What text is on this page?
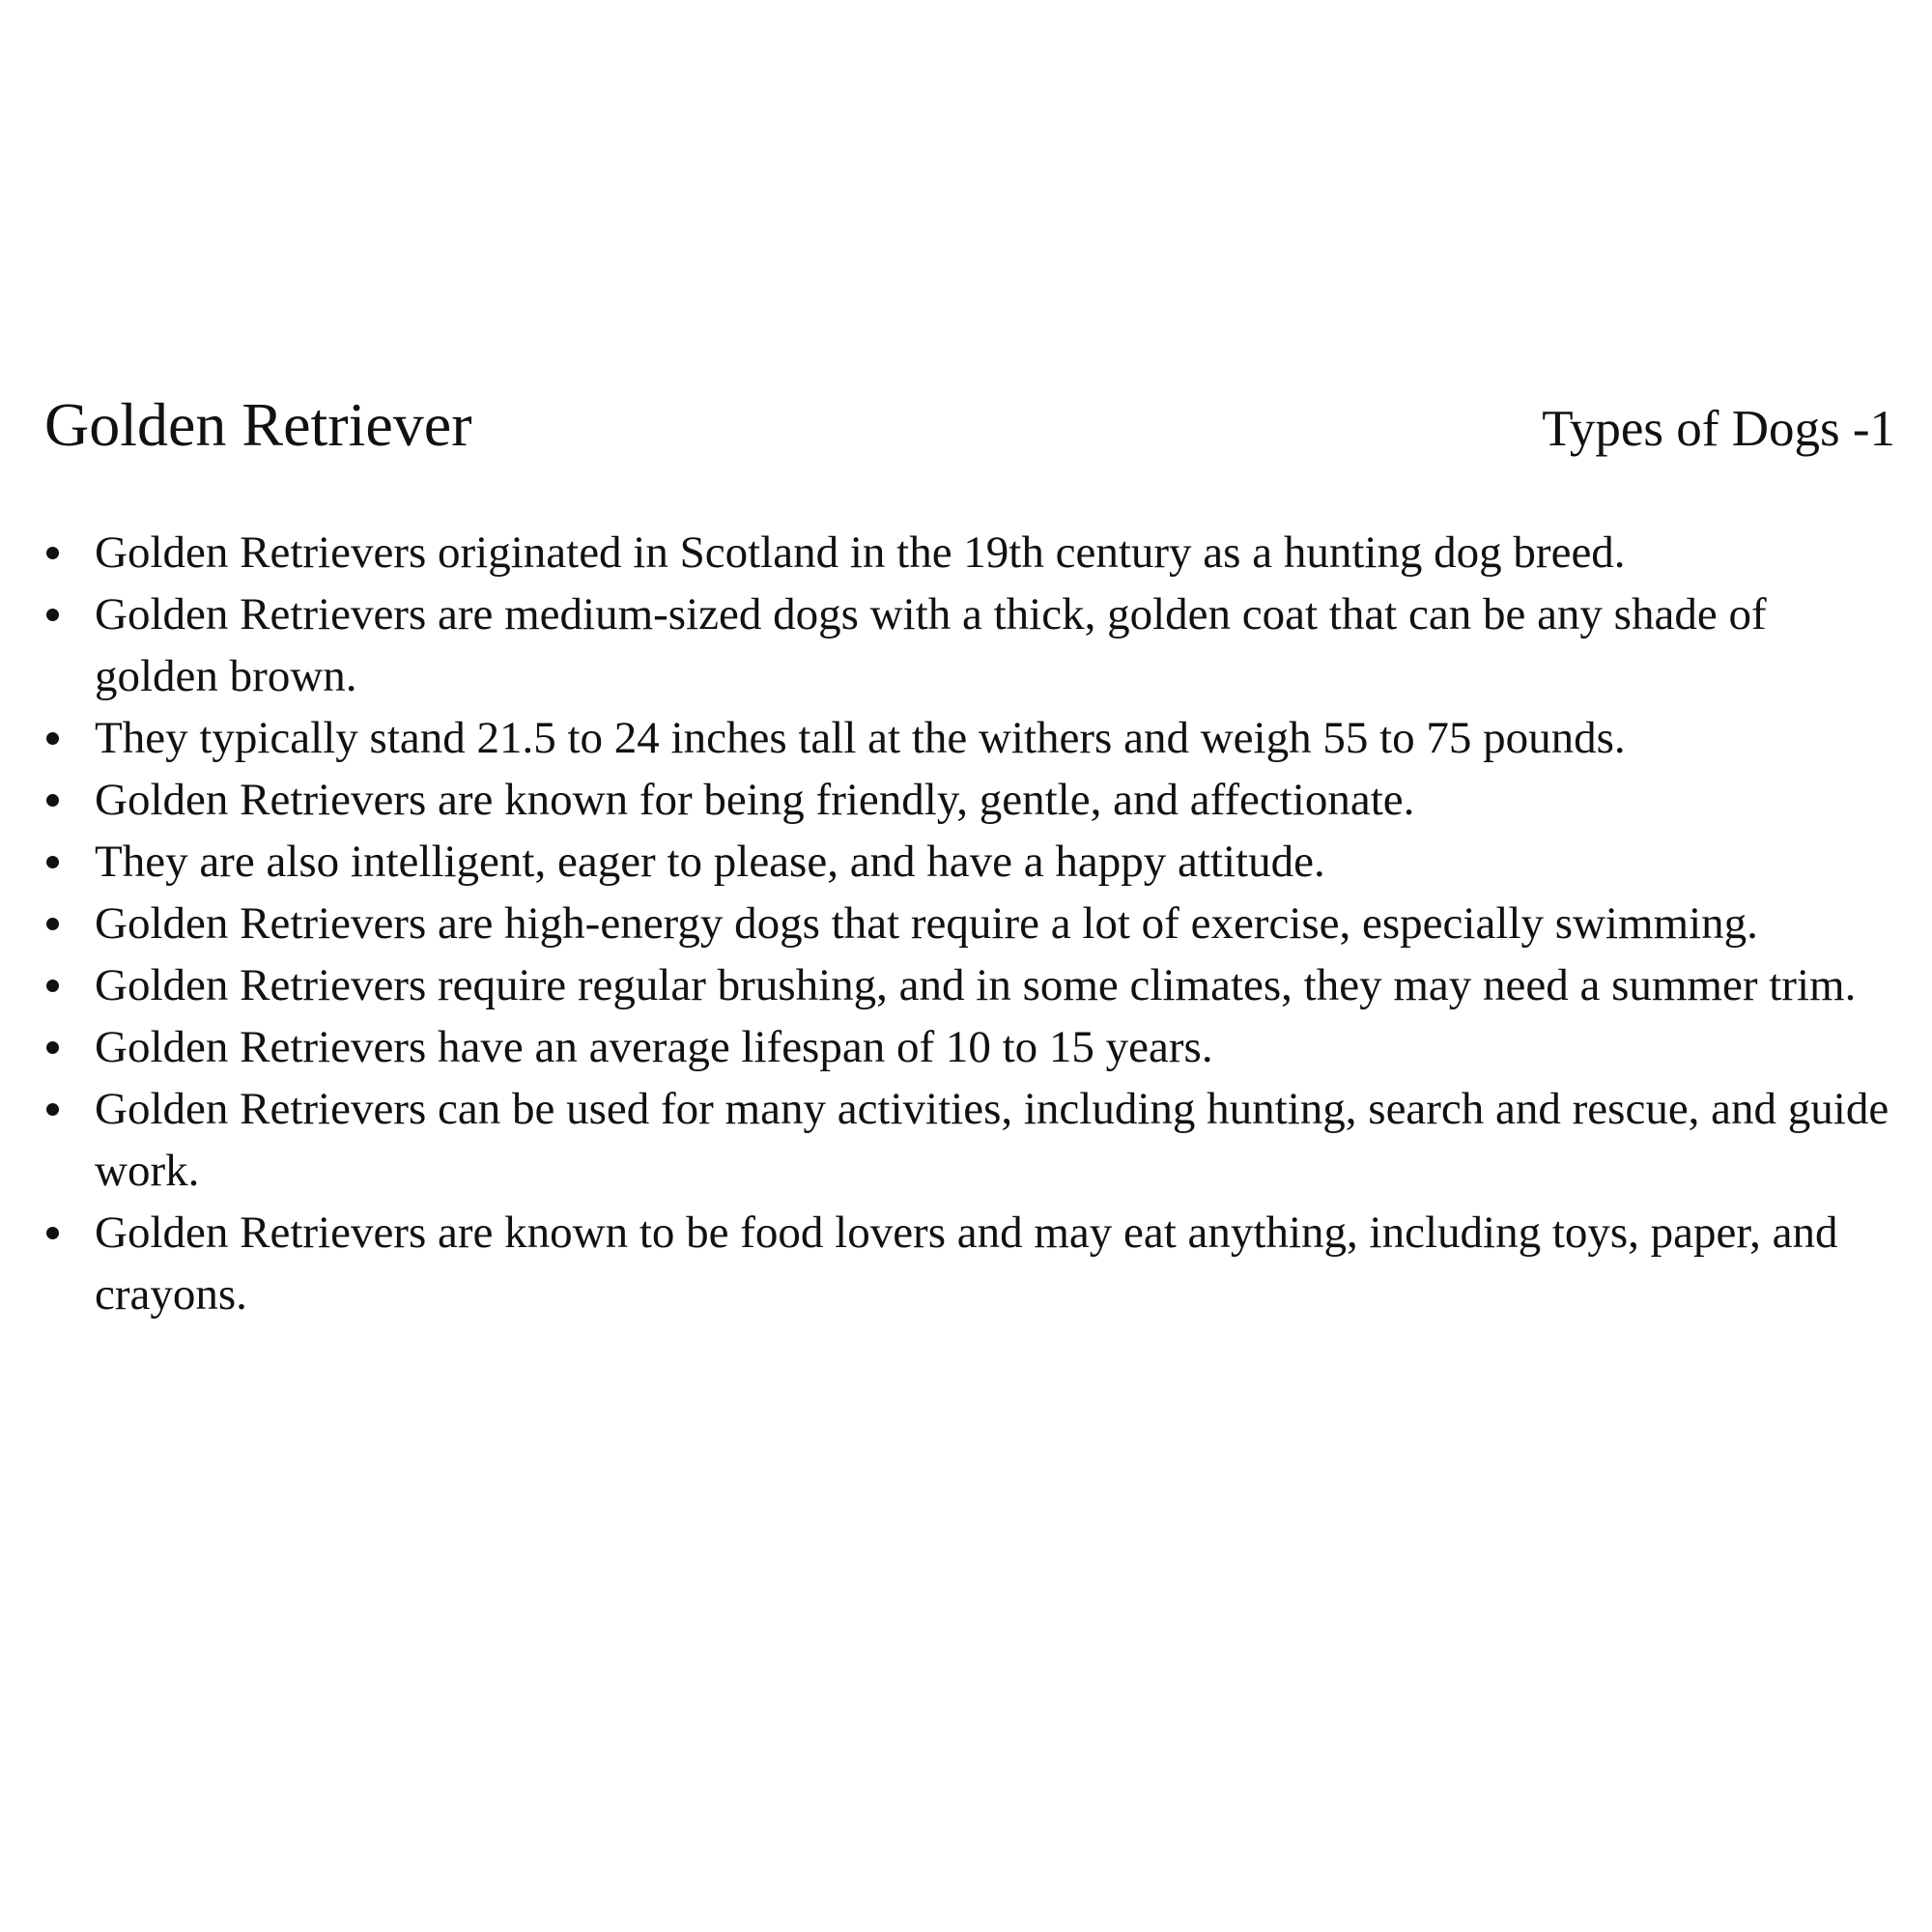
Golden Retriever	Types of Dogs -1
Golden Retrievers originated in Scotland in the 19th century as a hunting dog breed.
Golden Retrievers are medium-sized dogs with a thick, golden coat that can be any shade of golden brown.
They typically stand 21.5 to 24 inches tall at the withers and weigh 55 to 75 pounds.
Golden Retrievers are known for being friendly, gentle, and affectionate.
They are also intelligent, eager to please, and have a happy attitude.
Golden Retrievers are high-energy dogs that require a lot of exercise, especially swimming.
Golden Retrievers require regular brushing, and in some climates, they may need a summer trim.
Golden Retrievers have an average lifespan of 10 to 15 years.
Golden Retrievers can be used for many activities, including hunting, search and rescue, and guide work.
Golden Retrievers are known to be food lovers and may eat anything, including toys, paper, and crayons.
